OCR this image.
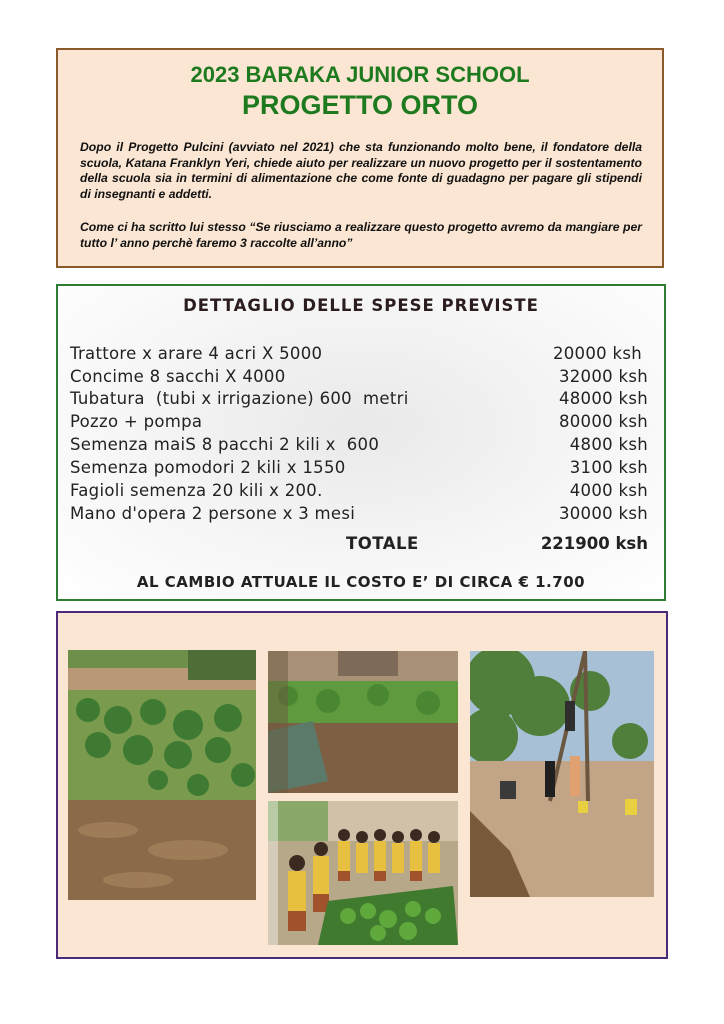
2023 BARAKA JUNIOR SCHOOL
PROGETTO ORTO

Dopo il Progetto Pulcini (avviato nel 2021) che sta funzionando molto bene, il fondatore della scuola, Katana Franklyn Yeri, chiede aiuto per realizzare un nuovo progetto per il sostentamento della scuola sia in termini di alimentazione che come fonte di guadagno per pagare gli stipendi di insegnanti e addetti.

Come ci ha scritto lui stesso “Se riusciamo a realizzare questo progetto avremo da mangiare per tutto l’ anno perchè faremo 3 raccolte all’anno”

DETTAGLIO DELLE SPESE PREVISTE
Trattore x arare 4 acri X 5000	20000 ksh
Concime 8 sacchi X 4000	32000 ksh
Tubatura  (tubi x irrigazione) 600  metri	48000 ksh
Pozzo + pompa	80000 ksh
Semenza maiS 8 pacchi 2 kili x  600	4800 ksh
Semenza pomodori 2 kili x 1550	3100 ksh
Fagioli semenza 20 kili x 200.	4000 ksh
Mano d'opera 2 persone x 3 mesi	30000 ksh
TOTALE	221900 ksh
AL CAMBIO ATTUALE IL COSTO E’ DI CIRCA € 1.700
